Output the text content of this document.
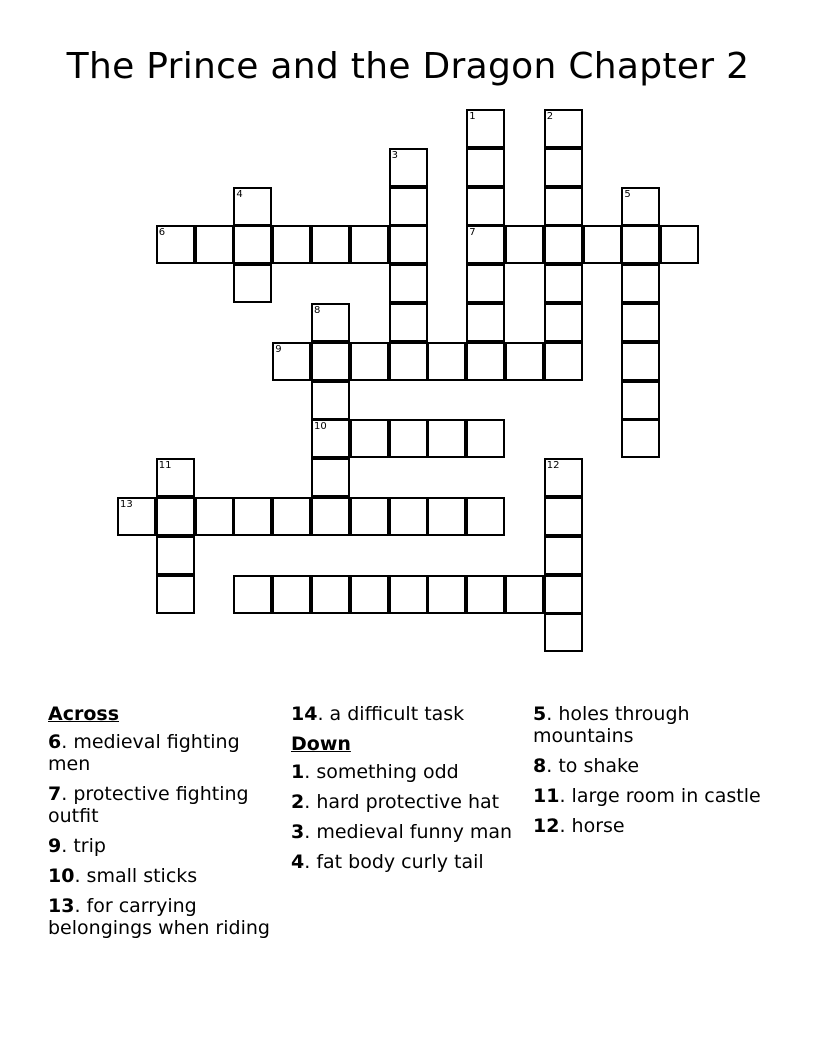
The Prince and the Dragon Chapter 2
1	2
3
4	5
6	7
8
9
10
11	12
13
Across
6. medieval fighting men
7. protective fighting outfit
9. trip
10. small sticks
13. for carrying belongings when riding
14. a difficult task
Down
1. something odd
2. hard protective hat
3. medieval funny man
4. fat body curly tail
5. holes through mountains
8. to shake
11. large room in castle
12. horse
